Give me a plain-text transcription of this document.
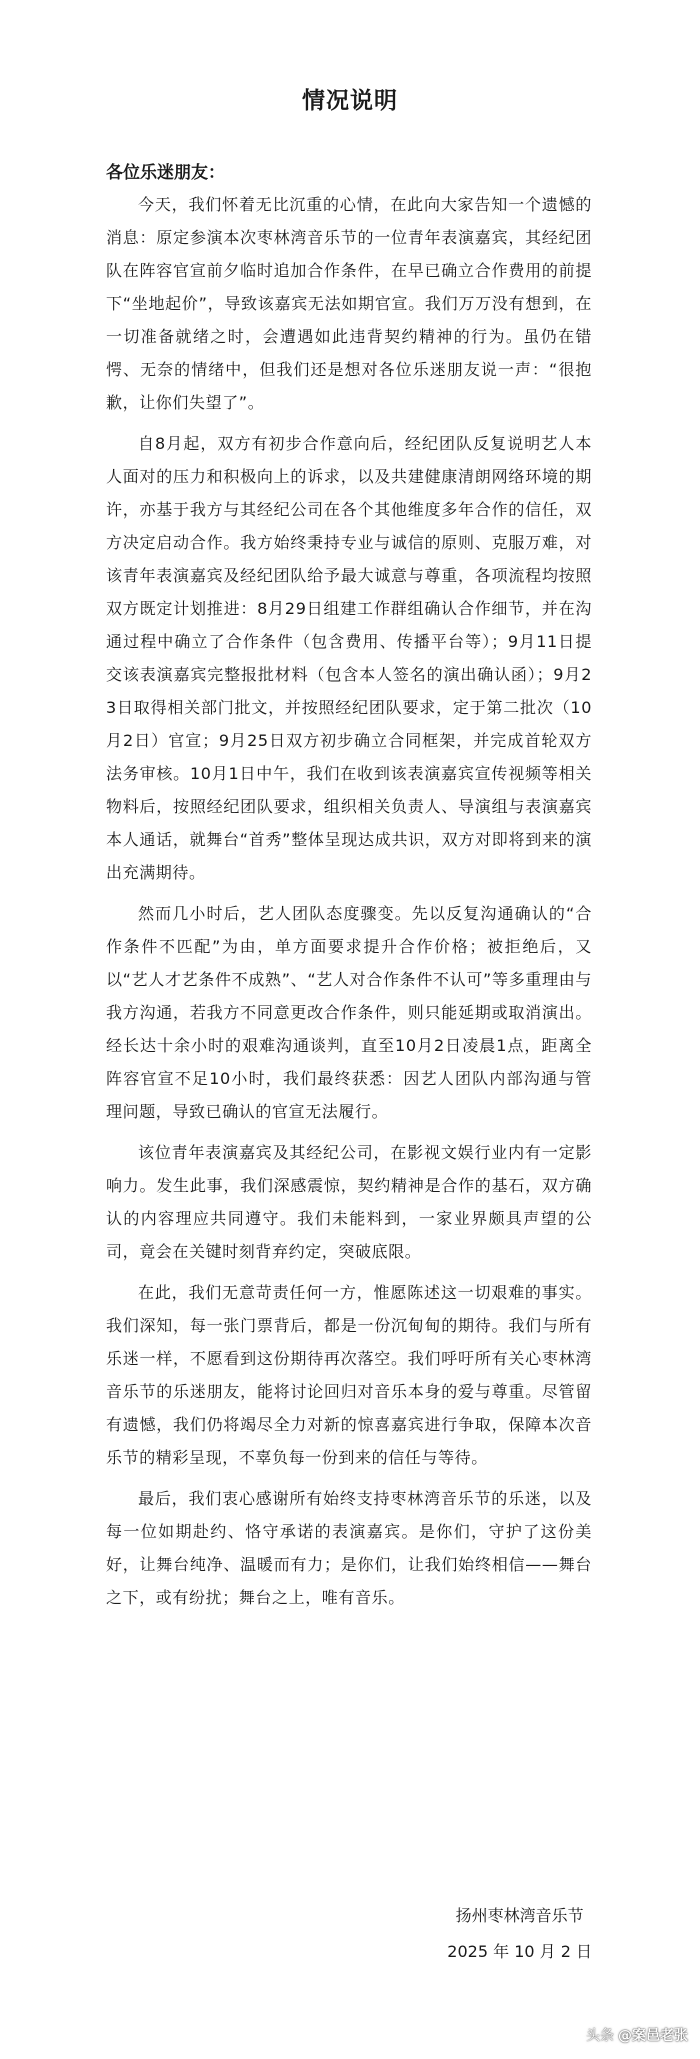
情况说明
各位乐迷朋友：

今天，我们怀着无比沉重的心情，在此向大家告知一个遗憾的消息：原定参演本次枣林湾音乐节的一位青年表演嘉宾，其经纪团队在阵容官宣前夕临时追加合作条件，在早已确立合作费用的前提下“坐地起价”，导致该嘉宾无法如期官宣。我们万万没有想到，在一切准备就绪之时，会遭遇如此违背契约精神的行为。虽仍在错愕、无奈的情绪中，但我们还是想对各位乐迷朋友说一声：“很抱歉，让你们失望了”。

自8月起，双方有初步合作意向后，经纪团队反复说明艺人本人面对的压力和积极向上的诉求，以及共建健康清朗网络环境的期许，亦基于我方与其经纪公司在各个其他维度多年合作的信任，双方决定启动合作。我方始终秉持专业与诚信的原则、克服万难，对该青年表演嘉宾及经纪团队给予最大诚意与尊重，各项流程均按照双方既定计划推进：8月29日组建工作群组确认合作细节，并在沟通过程中确立了合作条件（包含费用、传播平台等）；9月11日提交该表演嘉宾完整报批材料（包含本人签名的演出确认函）；9月23日取得相关部门批文，并按照经纪团队要求，定于第二批次（10月2日）官宣；9月25日双方初步确立合同框架，并完成首轮双方法务审核。10月1日中午，我们在收到该表演嘉宾宣传视频等相关物料后，按照经纪团队要求，组织相关负责人、导演组与表演嘉宾本人通话，就舞台“首秀”整体呈现达成共识，双方对即将到来的演出充满期待。

然而几小时后，艺人团队态度骤变。先以反复沟通确认的“合作条件不匹配”为由，单方面要求提升合作价格；被拒绝后，又以“艺人才艺条件不成熟”、“艺人对合作条件不认可”等多重理由与我方沟通，若我方不同意更改合作条件，则只能延期或取消演出。经长达十余小时的艰难沟通谈判，直至10月2日凌晨1点，距离全阵容官宣不足10小时，我们最终获悉：因艺人团队内部沟通与管理问题，导致已确认的官宣无法履行。

该位青年表演嘉宾及其经纪公司，在影视文娱行业内有一定影响力。发生此事，我们深感震惊，契约精神是合作的基石，双方确认的内容理应共同遵守。我们未能料到，一家业界颇具声望的公司，竟会在关键时刻背弃约定，突破底限。

在此，我们无意苛责任何一方，惟愿陈述这一切艰难的事实。我们深知，每一张门票背后，都是一份沉甸甸的期待。我们与所有乐迷一样，不愿看到这份期待再次落空。我们呼吁所有关心枣林湾音乐节的乐迷朋友，能将讨论回归对音乐本身的爱与尊重。尽管留有遗憾，我们仍将竭尽全力对新的惊喜嘉宾进行争取，保障本次音乐节的精彩呈现，不辜负每一份到来的信任与等待。

最后，我们衷心感谢所有始终支持枣林湾音乐节的乐迷，以及每一位如期赴约、恪守承诺的表演嘉宾。是你们，守护了这份美好，让舞台纯净、温暖而有力；是你们，让我们始终相信——舞台之下，或有纷扰；舞台之上，唯有音乐。

扬州枣林湾音乐节
2025 年 10 月 2 日
头条 @案邑老张
